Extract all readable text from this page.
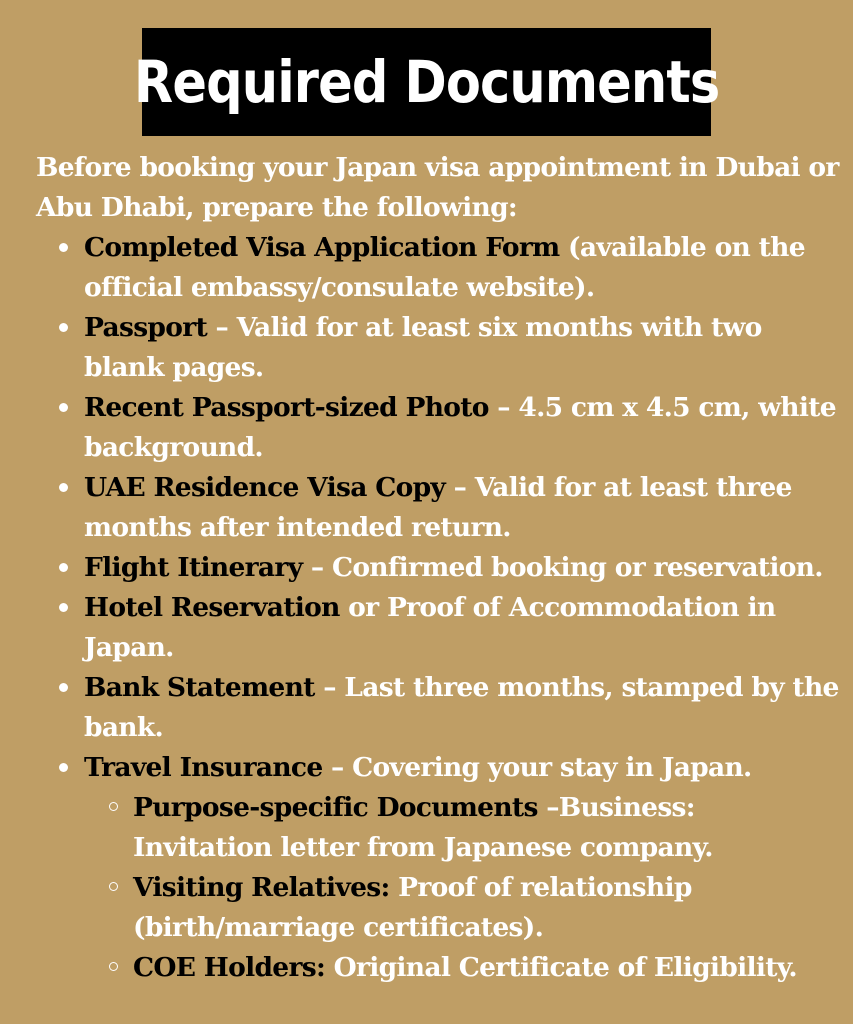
Required Documents

Before booking your Japan visa appointment in Dubai or Abu Dhabi, prepare the following:

Completed Visa Application Form (available on the official embassy/consulate website).
Passport – Valid for at least six months with two blank pages.
Recent Passport-sized Photo – 4.5 cm x 4.5 cm, white background.
UAE Residence Visa Copy – Valid for at least three months after intended return.
Flight Itinerary – Confirmed booking or reservation.
Hotel Reservation or Proof of Accommodation in Japan.
Bank Statement – Last three months, stamped by the bank.
Travel Insurance – Covering your stay in Japan.
Purpose-specific Documents –Business: Invitation letter from Japanese company.
Visiting Relatives: Proof of relationship (birth/marriage certificates).
COE Holders: Original Certificate of Eligibility.
